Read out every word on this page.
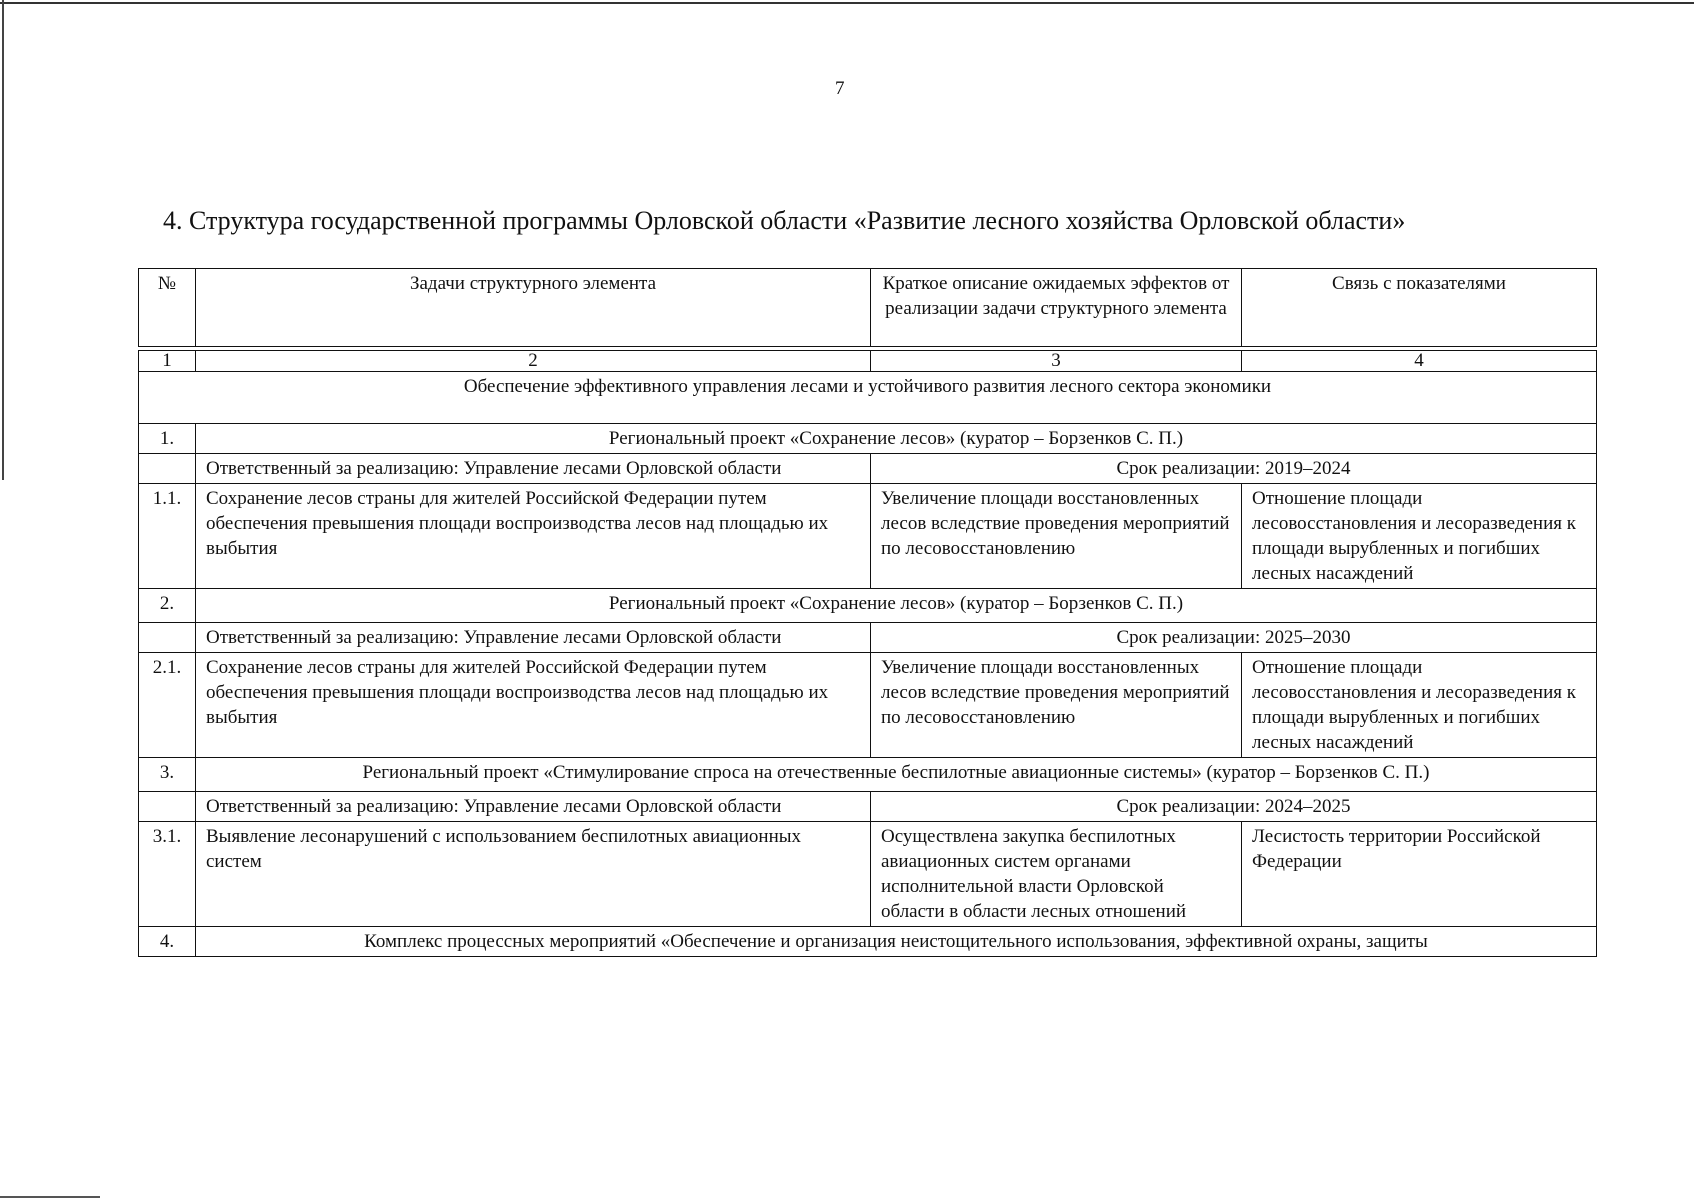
7
4. Структура государственной программы Орловской области «Развитие лесного хозяйства Орловской области»
№	Задачи структурного элемента	Краткое описание ожидаемых эффектов от реализации задачи структурного элемента	Связь с показателями

1	2	3	4
Обеспечение эффективного управления лесами и устойчивого развития лесного сектора экономики			
1.	Региональный проект «Сохранение лесов» (куратор – Борзенков С. П.)		
	Ответственный за реализацию: Управление лесами Орловской области	Срок реализации: 2019–2024	
1.1.	Сохранение лесов страны для жителей Российской Федерации путем обеспечения превышения площади воспроизводства лесов над площадью их выбытия	Увеличение площади восстановленных лесов вследствие проведения мероприятий по лесовосстановлению	Отношение площади лесовосстановления и лесоразведения к площади вырубленных и погибших лесных насаждений
2.	Региональный проект «Сохранение лесов» (куратор – Борзенков С. П.)		
	Ответственный за реализацию: Управление лесами Орловской области	Срок реализации: 2025–2030	
2.1.	Сохранение лесов страны для жителей Российской Федерации путем обеспечения превышения площади воспроизводства лесов над площадью их выбытия	Увеличение площади восстановленных лесов вследствие проведения мероприятий по лесовосстановлению	Отношение площади лесовосстановления и лесоразведения к площади вырубленных и погибших лесных насаждений
3.	Региональный проект «Стимулирование спроса на отечественные беспилотные авиационные системы» (куратор – Борзенков С. П.)		
	Ответственный за реализацию: Управление лесами Орловской области	Срок реализации: 2024–2025	
3.1.	Выявление лесонарушений с использованием беспилотных авиационных систем	Осуществлена закупка беспилотных авиационных систем органами исполнительной власти Орловской области в области лесных отношений	Лесистость территории Российской Федерации
4.	Комплекс процессных мероприятий «Обеспечение и организация неистощительного использования, эффективной охраны, защиты		
